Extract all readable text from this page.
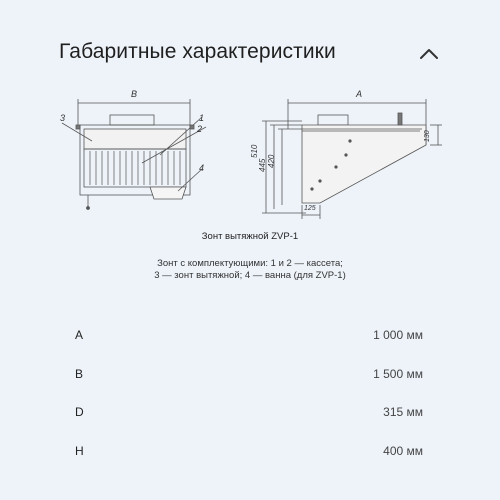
Габаритные характеристики
B
3	1
2
4
A
510
445 420
130
125
Зонт вытяжной ZVP-1
Зонт с комплектующими: 1 и 2 — кассета;
3 — зонт вытяжной; 4 — ванна (для ZVP-1)
A	1 000 мм
B	1 500 мм
D	315 мм
H	400 мм
